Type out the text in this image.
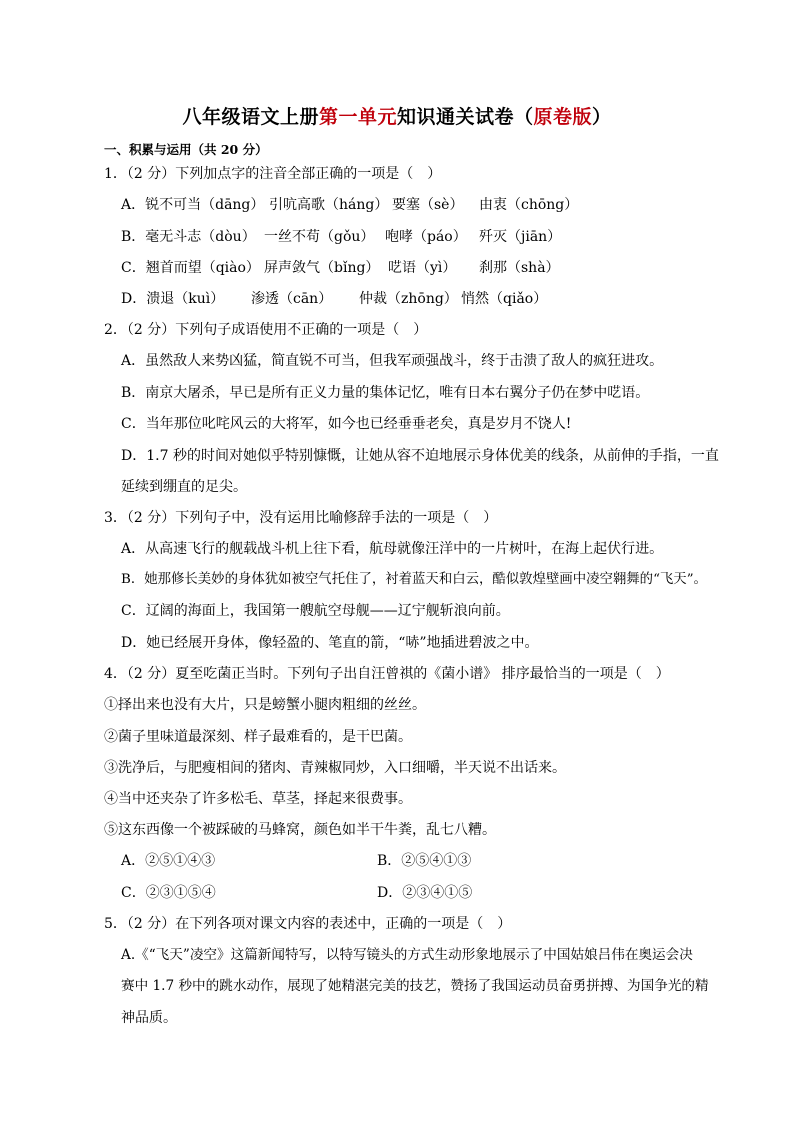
八年级语文上册第一单元知识通关试卷（原卷版）
一、积累与运用（共 20 分）
1．（2 分）下列加点字的注音全部正确的一项是（　）
A．锐不可当（dāng） 引吭高歌（háng） 要塞（sè） 由衷（chōng）
B．毫无斗志（dòu） 一丝不苟（gǒu） 咆哮（páo） 歼灭（jiān）
C．翘首而望（qiào） 屏声敛气（bǐng） 呓语（yì） 刹那（shà）
D．溃退（kuì） 渗透（cān） 仲裁（zhōng） 悄然（qiǎo）
2．（2 分）下列句子成语使用不正确的一项是（　）
A．虽然敌人来势凶猛，简直锐不可当，但我军顽强战斗，终于击溃了敌人的疯狂进攻。
B．南京大屠杀，早已是所有正义力量的集体记忆，唯有日本右翼分子仍在梦中呓语。
C．当年那位叱咤风云的大将军，如今也已经垂垂老矣，真是岁月不饶人!
D．1.7 秒的时间对她似乎特别慷慨，让她从容不迫地展示身体优美的线条，从前伸的手指，一直
延续到绷直的足尖。
3．（2 分）下列句子中，没有运用比喻修辞手法的一项是（　）
A．从高速飞行的舰载战斗机上往下看，航母就像汪洋中的一片树叶，在海上起伏行进。
B．她那修长美妙的身体犹如被空气托住了，衬着蓝天和白云，酷似敦煌壁画中凌空翱舞的“飞天”。
C．辽阔的海面上，我国第一艘航空母舰——辽宁舰斩浪向前。
D．她已经展开身体，像轻盈的、笔直的箭，“哧”地插进碧波之中。
4．（2 分）夏至吃菌正当时。下列句子出自汪曾祺的《菌小谱》 排序最恰当的一项是（　）
①择出来也没有大片，只是螃蟹小腿肉粗细的丝丝。
②菌子里味道最深刻、样子最难看的，是干巴菌。
③洗净后，与肥瘦相间的猪肉、青辣椒同炒，入口细嚼，半天说不出话来。
④当中还夹杂了许多松毛、草茎，择起来很费事。
⑤这东西像一个被踩破的马蜂窝，颜色如半干牛粪，乱七八糟。
A．②⑤①④③	B．②⑤④①③
C．②③①⑤④	D．②③④①⑤
5．（2 分）在下列各项对课文内容的表述中，正确的一项是（　）
A.《“飞天”凌空》这篇新闻特写，以特写镜头的方式生动形象地展示了中国姑娘吕伟在奥运会决
赛中 1.7 秒中的跳水动作，展现了她精湛完美的技艺，赞扬了我国运动员奋勇拼搏、为国争光的精
神品质。
